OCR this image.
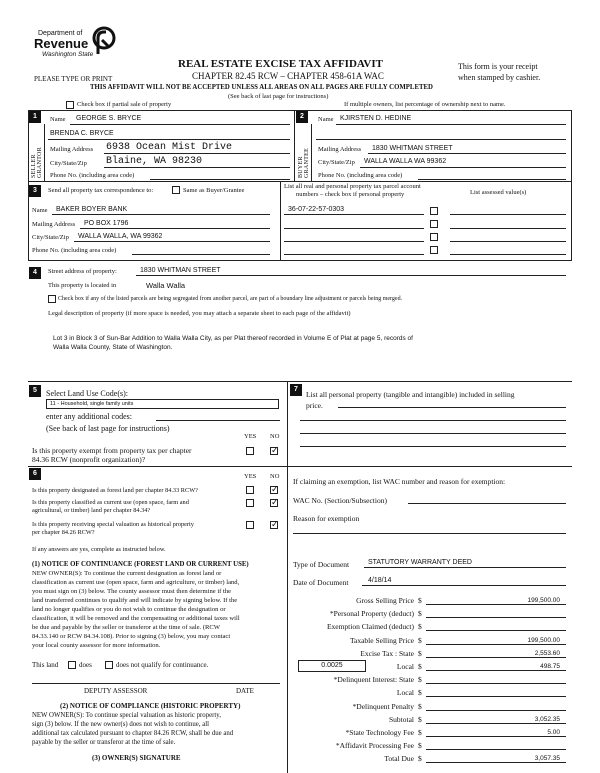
Department of
Revenue
Washington State
PLEASE TYPE OR PRINT
REAL ESTATE EXCISE TAX AFFIDAVIT
CHAPTER 82.45 RCW – CHAPTER 458-61A WAC
This form is your receipt
when stamped by cashier.
THIS AFFIDAVIT WILL NOT BE ACCEPTED UNLESS ALL AREAS ON ALL PAGES ARE FULLY COMPLETED
(See back of last page for instructions)
Check box if partial sale of property	If multiple owners, list percentage of ownership next to name.
1
SELLER GRANTOR
Name GEORGE S. BRYCE
BRENDA C. BRYCE
Mailing Address 6938 Ocean Mist Drive
City/State/Zip Blaine, WA 98230
Phone No. (including area code)
2
BUYER GRANTEE
Name KJIRSTEN D. HEDINE
Mailing Address 1830 WHITMAN STREET
City/State/Zip WALLA WALLA WA 99362
Phone No. (including area code)
3	Send all property tax correspondence to:	Same as Buyer/Grantee
Name BAKER BOYER BANK
Mailing Address PO BOX 1796
City/State/Zip WALLA WALLA, WA 99362
Phone No. (including area code)
List all real and personal property tax parcel account
numbers – check box if personal property	List assessed value(s)
36-07-22-57-0303
4	Street address of property:	1830 WHITMAN STREET
This property is located in	Walla Walla
Check box if any of the listed parcels are being segregated from another parcel, are part of a boundary line adjustment or parcels being merged.
Legal description of property (if more space is needed, you may attach a separate sheet to each page of the affidavit)
Lot 3 in Block 3 of Sun-Bar Addition to Walla Walla City, as per Plat thereof recorded in Volume E of Plat at page 5, records of
Walla Walla County, State of Washington.
5	Select Land Use Code(s):
11 - Household, single family units
enter any additional codes:
(See back of last page for instructions)
YES NO
Is this property exempt from property tax per chapter
84.36 RCW (nonprofit organization)?
✓
7
List all personal property (tangible and intangible) included in selling
price.
6	YES NO
Is this property designated as forest land per chapter 84.33 RCW?
✓
Is this property classified as current use (open space, farm and
agricultural, or timber) land per chapter 84.34?
✓
Is this property receiving special valuation as historical property
per chapter 84.26 RCW?
✓
If any answers are yes, complete as instructed below.
(1) NOTICE OF CONTINUANCE (FOREST LAND OR CURRENT USE)
NEW OWNER(S): To continue the current designation as forest land or
classification as current use (open space, farm and agriculture, or timber) land,
you must sign on (3) below. The county assessor must then determine if the
land transferred continues to qualify and will indicate by signing below. If the
land no longer qualifies or you do not wish to continue the designation or
classification, it will be removed and the compensating or additional taxes will
be due and payable by the seller or transferor at the time of sale. (RCW
84.33.140 or RCW 84.34.108). Prior to signing (3) below, you may contact
your local county assessor for more information.
This land	does	does not qualify for continuance.
DEPUTY ASSESSOR	DATE
(2) NOTICE OF COMPLIANCE (HISTORIC PROPERTY)
NEW OWNER(S): To continue special valuation as historic property,
sign (3) below. If the new owner(s) does not wish to continue, all
additional tax calculated pursuant to chapter 84.26 RCW, shall be due and
payable by the seller or transferor at the time of sale.
(3) OWNER(S) SIGNATURE
If claiming an exemption, list WAC number and reason for exemption:
WAC No. (Section/Subsection)
Reason for exemption
Type of Document	STATUTORY WARRANTY DEED
Date of Document	4/18/14
Gross Selling Price $	199,500.00
*Personal Property (deduct) $
Exemption Claimed (deduct) $
Taxable Selling Price $	199,500.00
Excise Tax : State $	2,553.60
Local $	498.75
0.0025
*Delinquent Interest: State $
Local $
*Delinquent Penalty $
Subtotal $	3,052.35
*State Technology Fee $	5.00
*Affidavit Processing Fee $
Total Due $	3,057.35
